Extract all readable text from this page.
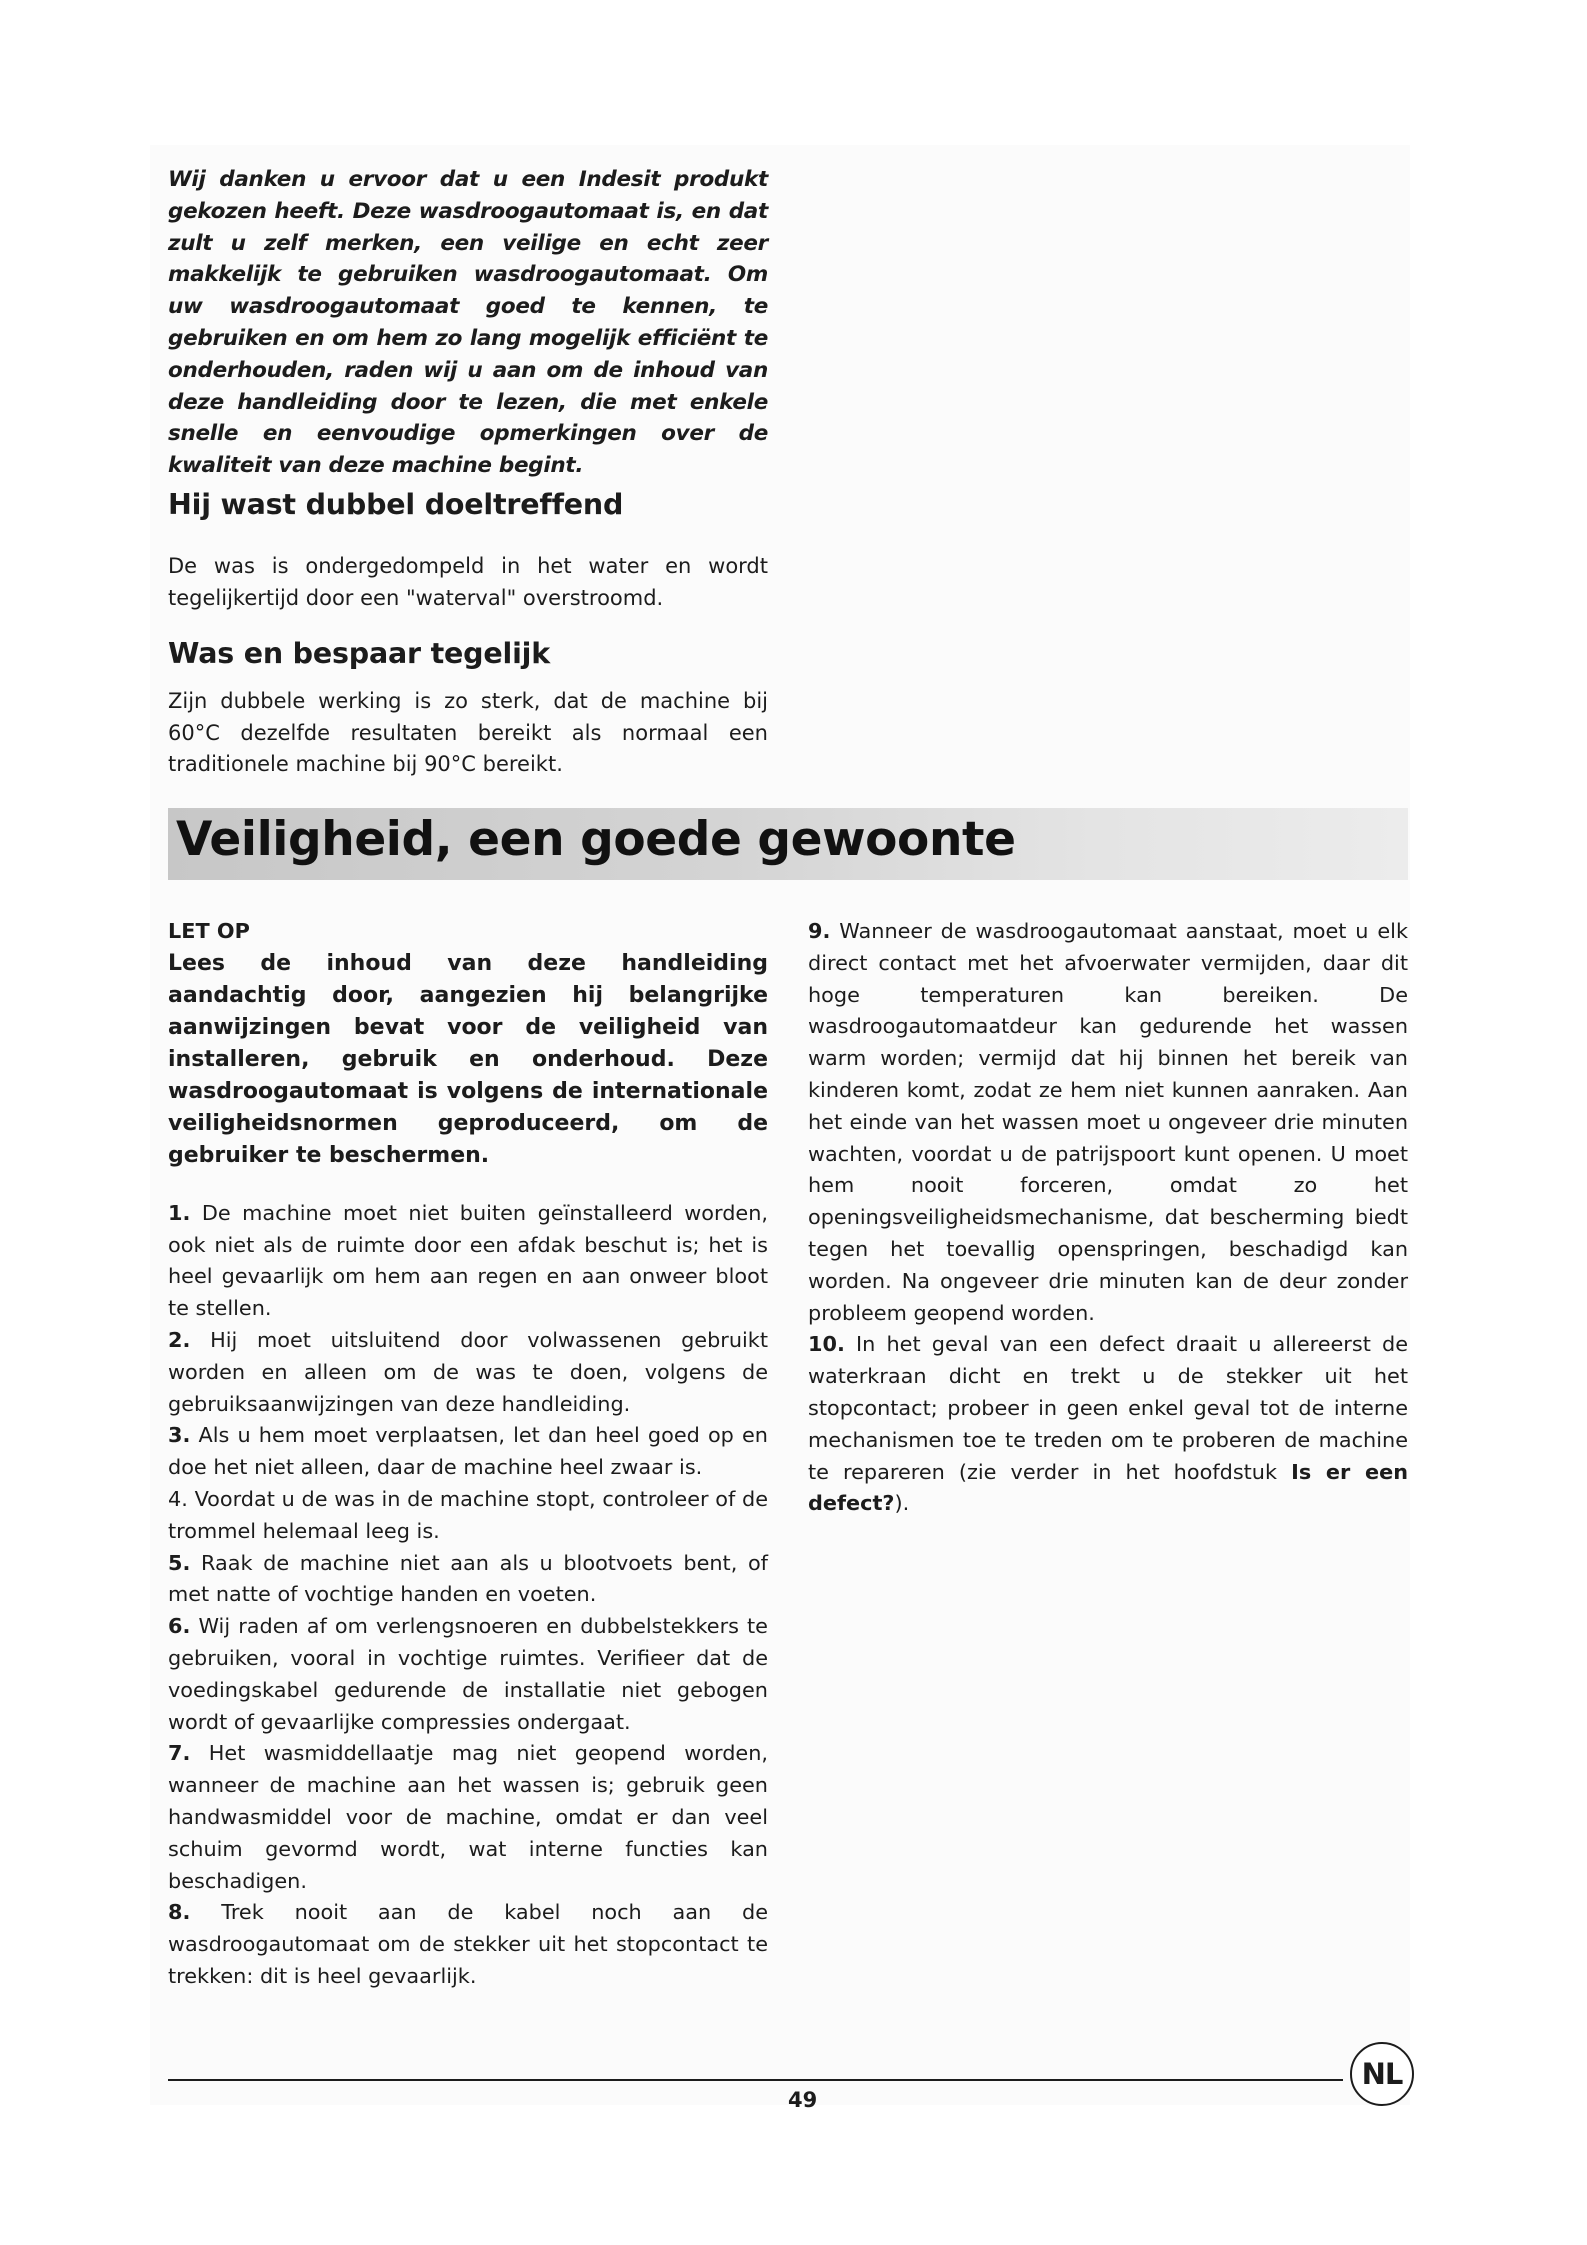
Wij danken u ervoor dat u een Indesit produkt gekozen heeft. Deze wasdroogautomaat is, en dat zult u zelf merken, een veilige en echt zeer makkelijk te gebruiken wasdroogautomaat. Om uw wasdroogautomaat goed te kennen, te gebruiken en om hem zo lang mogelijk efficiënt te onderhouden, raden wij u aan om de inhoud van deze handleiding door te lezen, die met enkele snelle en eenvoudige opmerkingen over de kwaliteit van deze machine begint.

Hij wast dubbel doeltreffend

De was is ondergedompeld in het water en wordt tegelijkertijd door een "waterval" overstroomd.

Was en bespaar tegelijk

Zijn dubbele werking is zo sterk, dat de machine bij 60°C dezelfde resultaten bereikt als normaal een traditionele machine bij 90°C bereikt.

Veiligheid, een goede gewoonte

LET OP

Lees de inhoud van deze handleiding aandachtig door, aangezien hij belangrijke aanwijzingen bevat voor de veiligheid van installeren, gebruik en onderhoud. Deze wasdroogautomaat is volgens de internationale veiligheidsnormen geproduceerd, om de gebruiker te beschermen.

1. De machine moet niet buiten geïnstalleerd worden, ook niet als de ruimte door een afdak beschut is; het is heel gevaarlijk om hem aan regen en aan onweer bloot te stellen.

2. Hij moet uitsluitend door volwassenen gebruikt worden en alleen om de was te doen, volgens de gebruiksaanwijzingen van deze handleiding.

3. Als u hem moet verplaatsen, let dan heel goed op en doe het niet alleen, daar de machine heel zwaar is.

4. Voordat u de was in de machine stopt, controleer of de trommel helemaal leeg is.

5. Raak de machine niet aan als u blootvoets bent, of met natte of vochtige handen en voeten.

6. Wij raden af om verlengsnoeren en dubbelstekkers te gebruiken, vooral in vochtige ruimtes. Verifieer dat de voedingskabel gedurende de installatie niet gebogen wordt of gevaarlijke compressies ondergaat.

7. Het wasmiddellaatje mag niet geopend worden, wanneer de machine aan het wassen is; gebruik geen handwasmiddel voor de machine, omdat er dan veel schuim gevormd wordt, wat interne functies kan beschadigen.

8. Trek nooit aan de kabel noch aan de wasdroogautomaat om de stekker uit het stopcontact te trekken: dit is heel gevaarlijk.

9. Wanneer de wasdroogautomaat aanstaat, moet u elk direct contact met het afvoerwater vermijden, daar dit hoge temperaturen kan bereiken. De wasdroogautomaatdeur kan gedurende het wassen warm worden; vermijd dat hij binnen het bereik van kinderen komt, zodat ze hem niet kunnen aanraken. Aan het einde van het wassen moet u ongeveer drie minuten wachten, voordat u de patrijspoort kunt openen. U moet hem nooit forceren, omdat zo het openingsveiligheidsmechanisme, dat bescherming biedt tegen het toevallig openspringen, beschadigd kan worden. Na ongeveer drie minuten kan de deur zonder probleem geopend worden.

10. In het geval van een defect draait u allereerst de waterkraan dicht en trekt u de stekker uit het stopcontact; probeer in geen enkel geval tot de interne mechanismen toe te treden om te proberen de machine te repareren (zie verder in het hoofdstuk Is er een defect?).

49
NL
